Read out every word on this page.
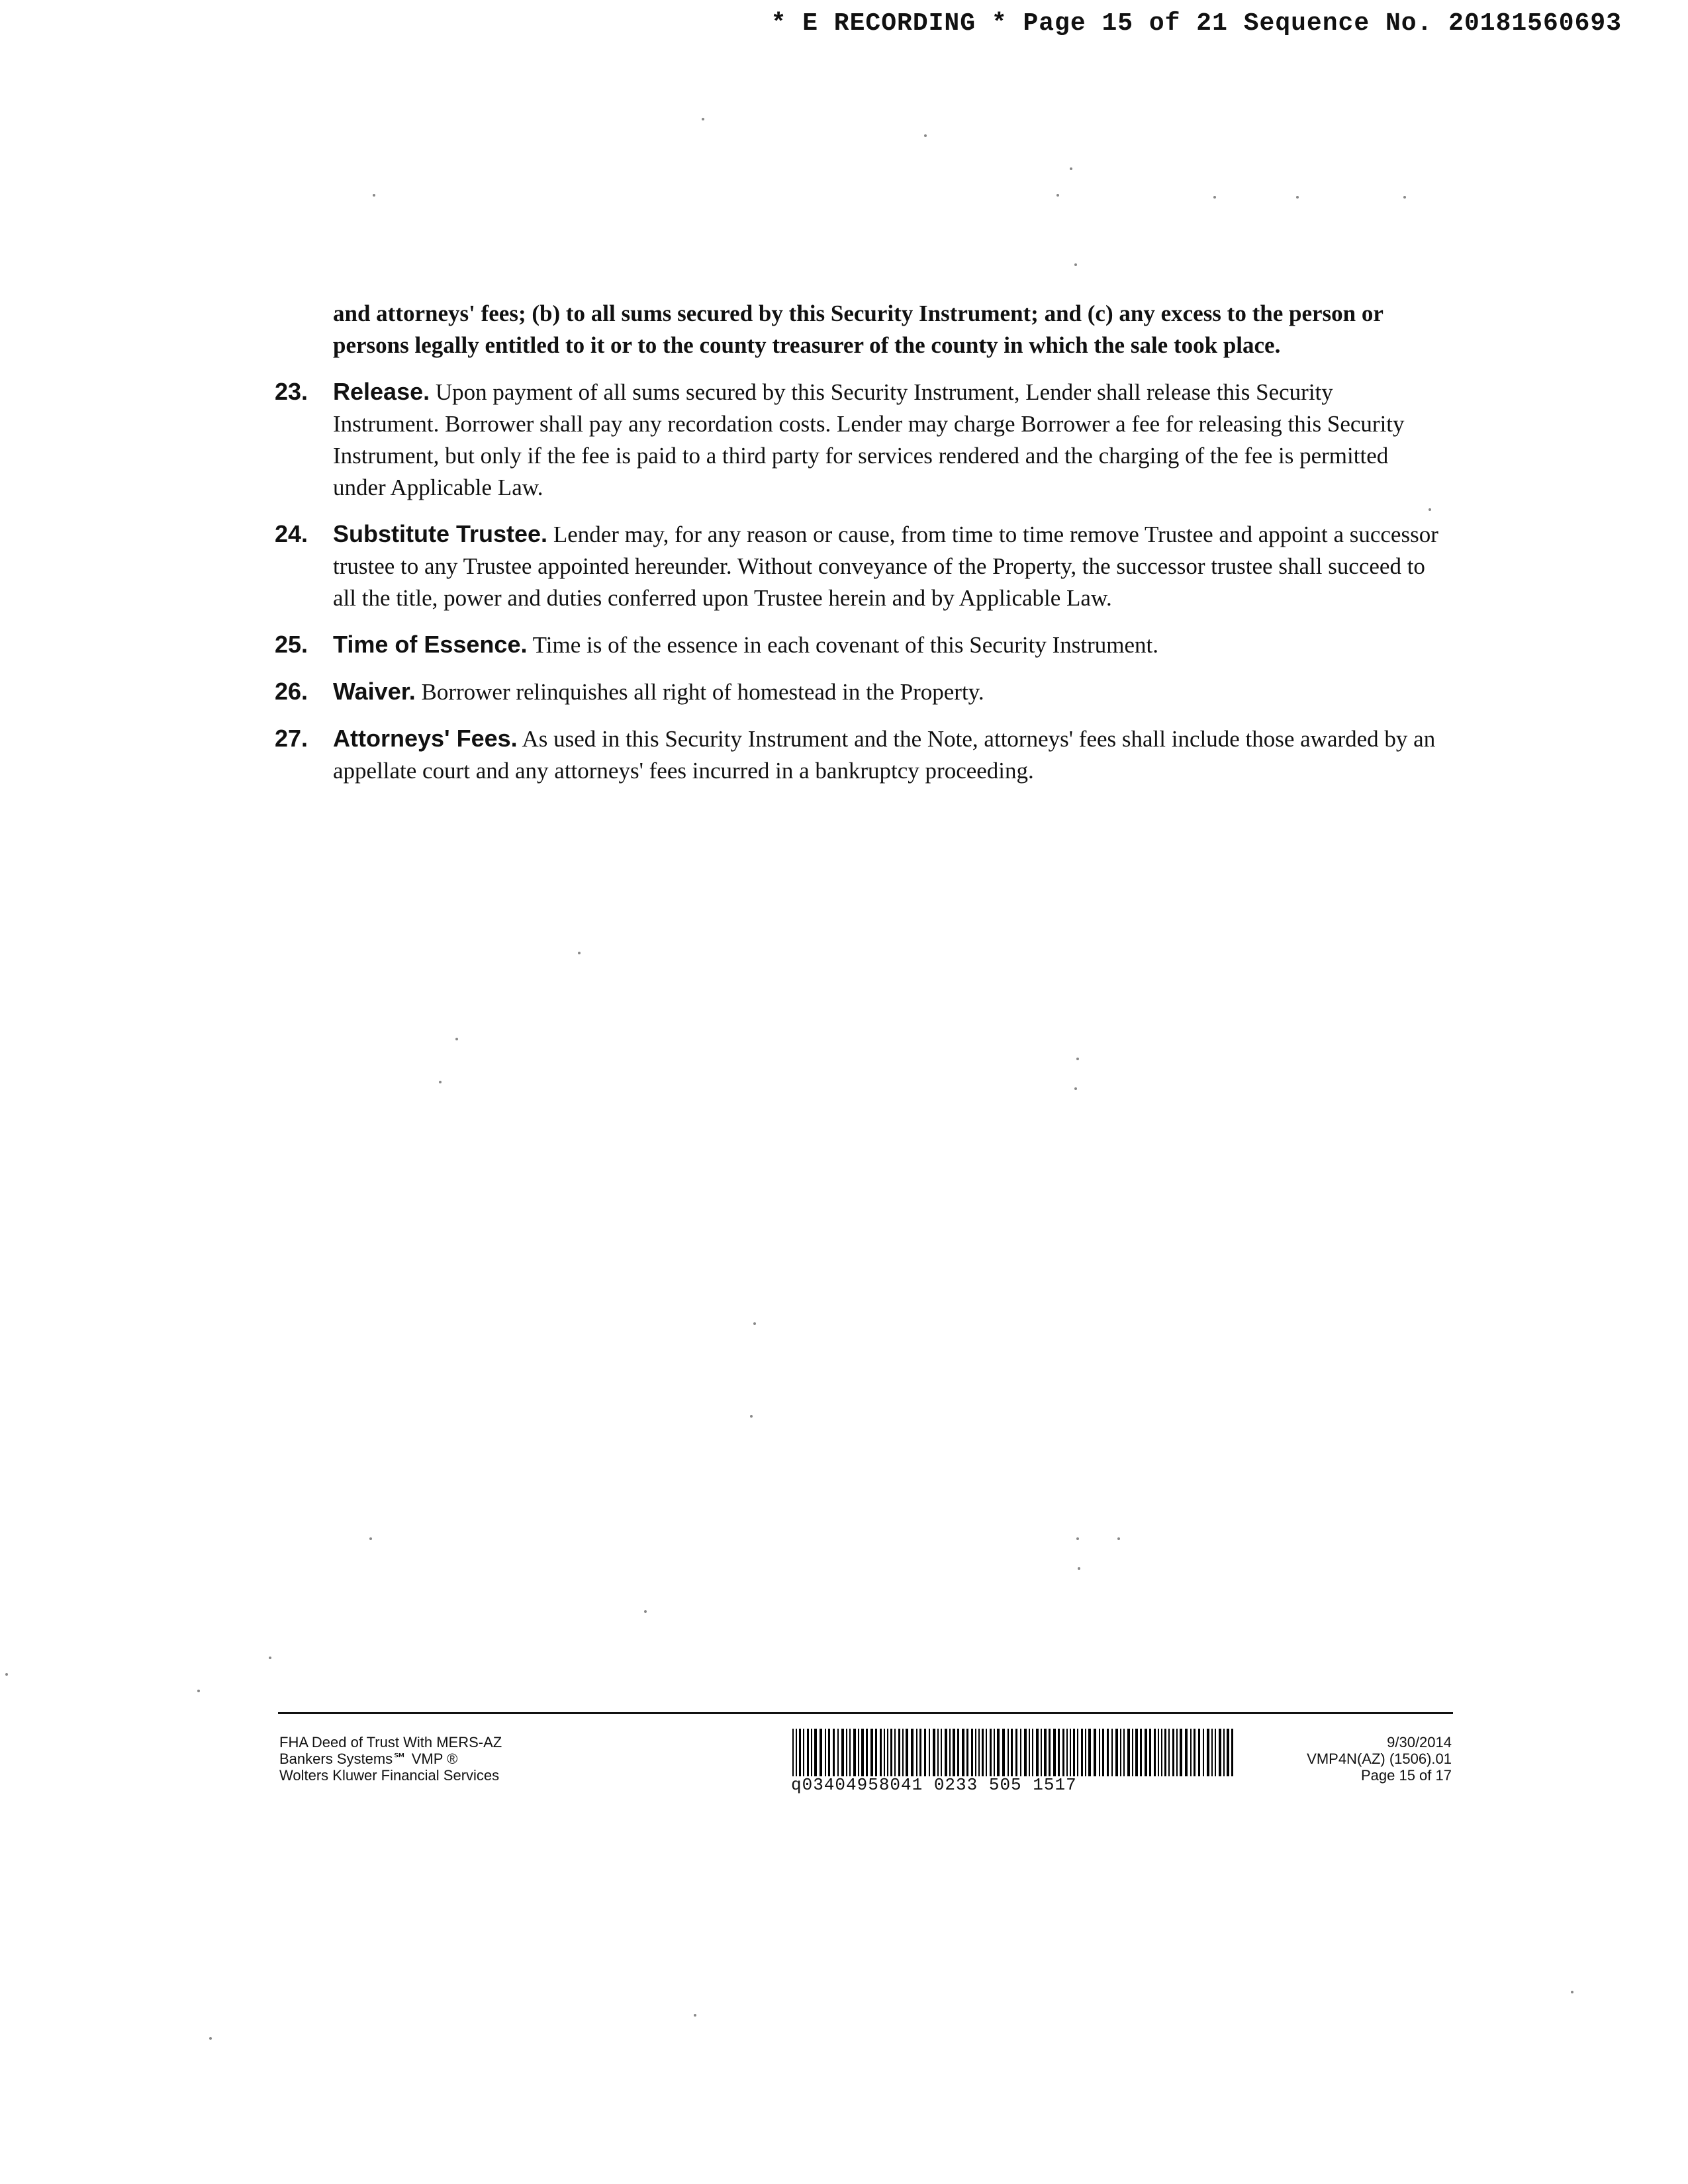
* E RECORDING * Page 15 of 21 Sequence No. 20181560693
and attorneys' fees; (b) to all sums secured by this Security Instrument; and (c) any excess to the person or persons legally entitled to it or to the county treasurer of the county in which the sale took place.
23. Release. Upon payment of all sums secured by this Security Instrument, Lender shall release this Security Instrument. Borrower shall pay any recordation costs. Lender may charge Borrower a fee for releasing this Security Instrument, but only if the fee is paid to a third party for services rendered and the charging of the fee is permitted under Applicable Law.
24. Substitute Trustee. Lender may, for any reason or cause, from time to time remove Trustee and appoint a successor trustee to any Trustee appointed hereunder. Without conveyance of the Property, the successor trustee shall succeed to all the title, power and duties conferred upon Trustee herein and by Applicable Law.
25. Time of Essence. Time is of the essence in each covenant of this Security Instrument.
26. Waiver. Borrower relinquishes all right of homestead in the Property.
27. Attorneys' Fees. As used in this Security Instrument and the Note, attorneys' fees shall include those awarded by an appellate court and any attorneys' fees incurred in a bankruptcy proceeding.
FHA Deed of Trust With MERS-AZ
Bankers Systems℠ VMP ®
Wolters Kluwer Financial Services	q03404958041 0233 505 1517
9/30/2014
VMP4N(AZ) (1506).01
Page 15 of 17
